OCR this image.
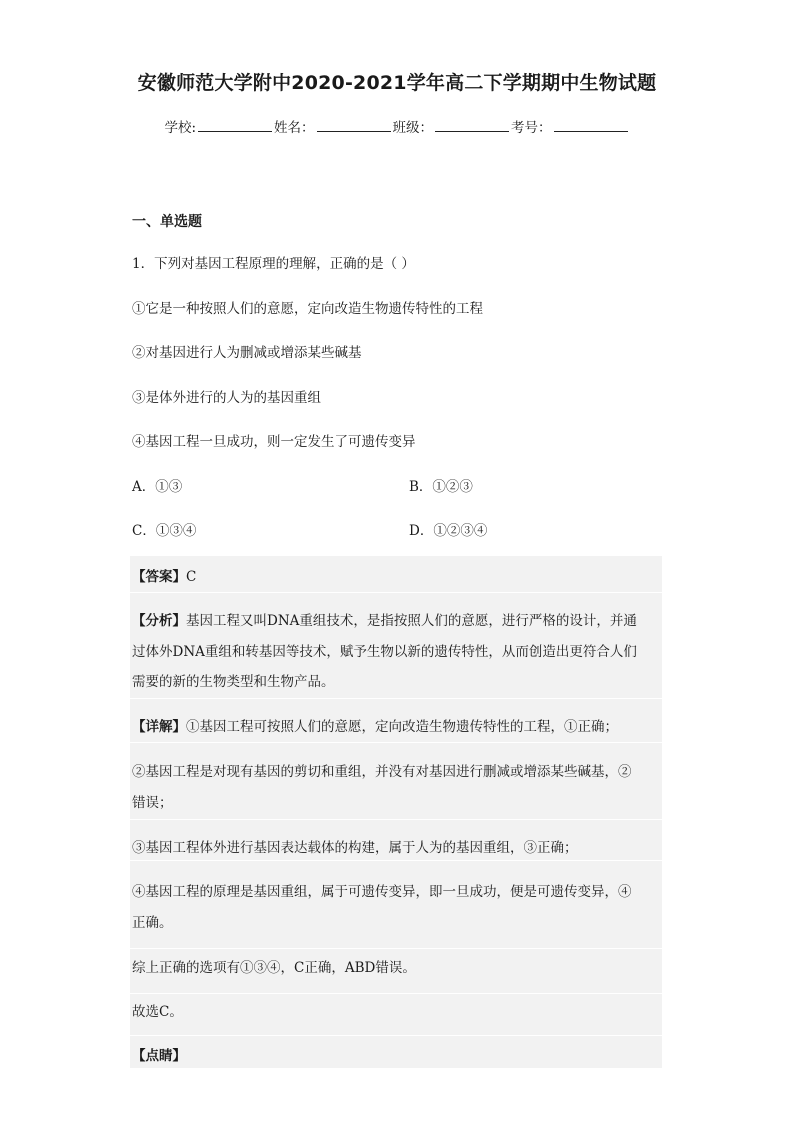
安徽师范大学附中2020-2021学年高二下学期期中生物试题
学校:	姓名：	班级：	考号：
一、单选题
1．下列对基因工程原理的理解，正确的是（ ）
①它是一种按照人们的意愿，定向改造生物遗传特性的工程
②对基因进行人为删减或增添某些碱基
③是体外进行的人为的基因重组
④基因工程一旦成功，则一定发生了可遗传变异
A．①③	B．①②③
C．①③④	D．①②③④
【答案】C
【分析】基因工程又叫DNA重组技术，是指按照人们的意愿，进行严格的设计，并通
过体外DNA重组和转基因等技术，赋予生物以新的遗传特性，从而创造出更符合人们
需要的新的生物类型和生物产品。
【详解】①基因工程可按照人们的意愿，定向改造生物遗传特性的工程，①正确；
②基因工程是对现有基因的剪切和重组，并没有对基因进行删减或增添某些碱基，②
错误；
③基因工程体外进行基因表达载体的构建，属于人为的基因重组，③正确；
④基因工程的原理是基因重组，属于可遗传变异，即一旦成功，便是可遗传变异，④
正确。
综上正确的选项有①③④，C正确，ABD错误。
故选C。
【点睛】
